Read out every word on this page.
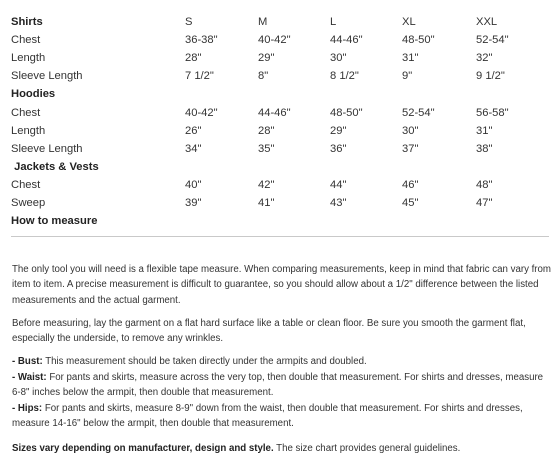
Shirts	S	M	L	XL	XXL
Chest	36-38"	40-42"	44-46"	48-50"	52-54"
Length	28"	29"	30"	31"	32"
Sleeve Length	7 1/2"	8"	8 1/2"	9"	9 1/2"
Hoodies
Chest	40-42"	44-46"	48-50"	52-54"	56-58"
Length	26"	28"	29"	30"	31"
Sleeve Length	34"	35"	36"	37"	38"
Jackets & Vests
Chest	40"	42"	44"	46"	48"
Sweep	39"	41"	43"	45"	47"
How to measure

The only tool you will need is a flexible tape measure. When comparing measurements, keep in mind that fabric can vary from item to item. A precise measurement is difficult to guarantee, so you should allow about a 1/2" difference between the listed measurements and the actual garment.

Before measuring, lay the garment on a flat hard surface like a table or clean floor. Be sure you smooth the garment flat, especially the underside, to remove any wrinkles.

- Bust: This measurement should be taken directly under the armpits and doubled.

- Waist: For pants and skirts, measure across the very top, then double that measurement. For shirts and dresses, measure 6-8" inches below the armpit, then double that measurement.

- Hips: For pants and skirts, measure 8-9" down from the waist, then double that measurement. For shirts and dresses, measure 14-16" below the armpit, then double that measurement.

Sizes vary depending on manufacturer, design and style. The size chart provides general guidelines.
